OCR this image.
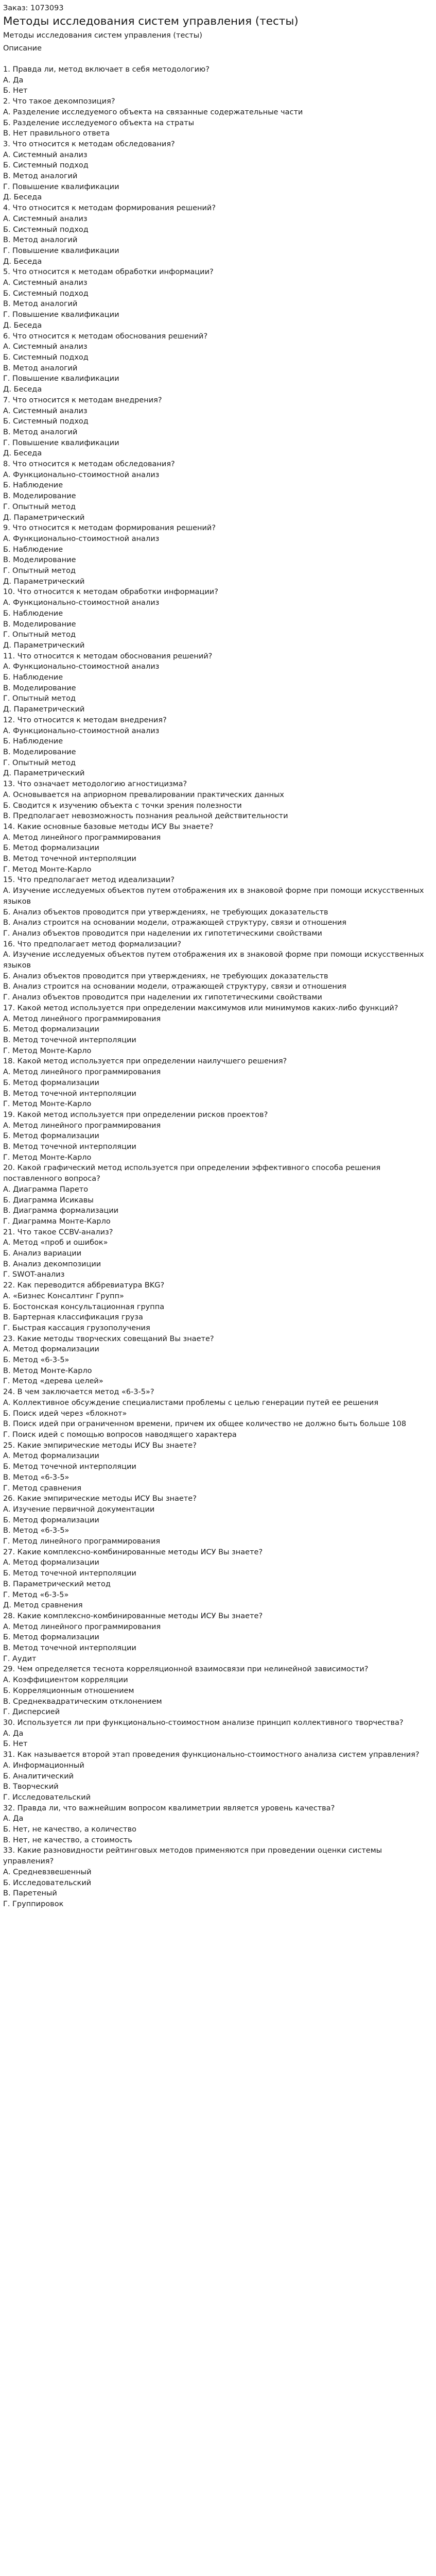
Заказ: 1073093

Методы исследования систем управления (тесты)

Методы исследования систем управления (тесты)

Описание

1. Правда ли, метод включает в себя методологию?

А. Да

Б. Нет

2. Что такое декомпозиция?

А. Разделение исследуемого объекта на связанные содержательные части

Б. Разделение исследуемого объекта на страты

В. Нет правильного ответа

3. Что относится к методам обследования?

А. Системный анализ

Б. Системный подход

В. Метод аналогий

Г. Повышение квалификации

Д. Беседа

4. Что относится к методам формирования решений?

А. Системный анализ

Б. Системный подход

В. Метод аналогий

Г. Повышение квалификации

Д. Беседа

5. Что относится к методам обработки информации?

А. Системный анализ

Б. Системный подход

В. Метод аналогий

Г. Повышение квалификации

Д. Беседа

6. Что относится к методам обоснования решений?

А. Системный анализ

Б. Системный подход

В. Метод аналогий

Г. Повышение квалификации

Д. Беседа

7. Что относится к методам внедрения?

А. Системный анализ

Б. Системный подход

В. Метод аналогий

Г. Повышение квалификации

Д. Беседа

8. Что относится к методам обследования?

А. Функционально-стоимостной анализ

Б. Наблюдение

В. Моделирование

Г. Опытный метод

Д. Параметрический

9. Что относится к методам формирования решений?

А. Функционально-стоимостной анализ

Б. Наблюдение

В. Моделирование

Г. Опытный метод

Д. Параметрический

10. Что относится к методам обработки информации?

А. Функционально-стоимостной анализ

Б. Наблюдение

В. Моделирование

Г. Опытный метод

Д. Параметрический

11. Что относится к методам обоснования решений?

А. Функционально-стоимостной анализ

Б. Наблюдение

В. Моделирование

Г. Опытный метод

Д. Параметрический

12. Что относится к методам внедрения?

А. Функционально-стоимостной анализ

Б. Наблюдение

В. Моделирование

Г. Опытный метод

Д. Параметрический

13. Что означает методологию агностицизма?

А. Основывается на априорном превалировании практических данных

Б. Сводится к изучению объекта с точки зрения полезности

В. Предполагает невозможность познания реальной действительности

14. Какие основные базовые методы ИСУ Вы знаете?

А. Метод линейного программирования

Б. Метод формализации

В. Метод точечной интерполяции

Г. Метод Монте-Карло

15. Что предполагает метод идеализации?

А. Изучение исследуемых объектов путем отображения их в знаковой форме при помощи искусственных языков

Б. Анализ объектов проводится при утверждениях, не требующих доказательств

В. Анализ строится на основании модели, отражающей структуру, связи и отношения

Г. Анализ объектов проводится при наделении их гипотетическими свойствами

16. Что предполагает метод формализации?

А. Изучение исследуемых объектов путем отображения их в знаковой форме при помощи искусственных языков

Б. Анализ объектов проводится при утверждениях, не требующих доказательств

В. Анализ строится на основании модели, отражающей структуру, связи и отношения

Г. Анализ объектов проводится при наделении их гипотетическими свойствами

17. Какой метод используется при определении максимумов или минимумов каких-либо функций?

А. Метод линейного программирования

Б. Метод формализации

В. Метод точечной интерполяции

Г. Метод Монте-Карло

18. Какой метод используется при определении наилучшего решения?

А. Метод линейного программирования

Б. Метод формализации

В. Метод точечной интерполяции

Г. Метод Монте-Карло

19. Какой метод используется при определении рисков проектов?

А. Метод линейного программирования

Б. Метод формализации

В. Метод точечной интерполяции

Г. Метод Монте-Карло

20. Какой графический метод используется при определении эффективного способа решения поставленного вопроса?

А. Диаграмма Парето

Б. Диаграмма Исикавы

В. Диаграмма формализации

Г. Диаграмма Монте-Карло

21. Что такое CCBV-анализ?

А. Метод «проб и ошибок»

Б. Анализ вариации

В. Анализ декомпозиции

Г. SWOT-анализ

22. Как переводится аббревиатура BKG?

А. «Бизнес Консалтинг Групп»

Б. Бостонская консультационная группа

В. Бартерная классификация груза

Г. Быстрая кассация грузополучения

23. Какие методы творческих совещаний Вы знаете?

А. Метод формализации

Б. Метод «6-3-5»

В. Метод Монте-Карло

Г. Метод «дерева целей»

24. В чем заключается метод «6-3-5»?

А. Коллективное обсуждение специалистами проблемы с целью генерации путей ее решения

Б. Поиск идей через «блокнот»

В. Поиск идей при ограниченном времени, причем их общее количество не должно быть больше 108

Г. Поиск идей с помощью вопросов наводящего характера

25. Какие эмпирические методы ИСУ Вы знаете?

А. Метод формализации

Б. Метод точечной интерполяции

В. Метод «6-3-5»

Г. Метод сравнения

26. Какие эмпирические методы ИСУ Вы знаете?

А. Изучение первичной документации

Б. Метод формализации

В. Метод «6-3-5»

Г. Метод линейного программирования

27. Какие комплексно-комбинированные методы ИСУ Вы знаете?

А. Метод формализации

Б. Метод точечной интерполяции

В. Параметрический метод

Г. Метод «6-3-5»

Д. Метод сравнения

28. Какие комплексно-комбинированные методы ИСУ Вы знаете?

А. Метод линейного программирования

Б. Метод формализации

В. Метод точечной интерполяции

Г. Аудит

29. Чем определяется теснота корреляционной взаимосвязи при нелинейной зависимости?

А. Коэффициентом корреляции

Б. Корреляционным отношением

В. Среднеквадратическим отклонением

Г. Дисперсией

30. Используется ли при функционально-стоимостном анализе принцип коллективного творчества?

А. Да

Б. Нет

31. Как называется второй этап проведения функционально-стоимостного анализа систем управления?

А. Информационный

Б. Аналитический

В. Творческий

Г. Исследовательский

32. Правда ли, что важнейшим вопросом квалиметрии является уровень качества?

А. Да

Б. Нет, не качество, а количество

В. Нет, не качество, а стоимость

33. Какие разновидности рейтинговых методов применяются при проведении оценки системы управления?

А. Средневзвешенный

Б. Исследовательский

В. Паретеный

Г. Группировок
